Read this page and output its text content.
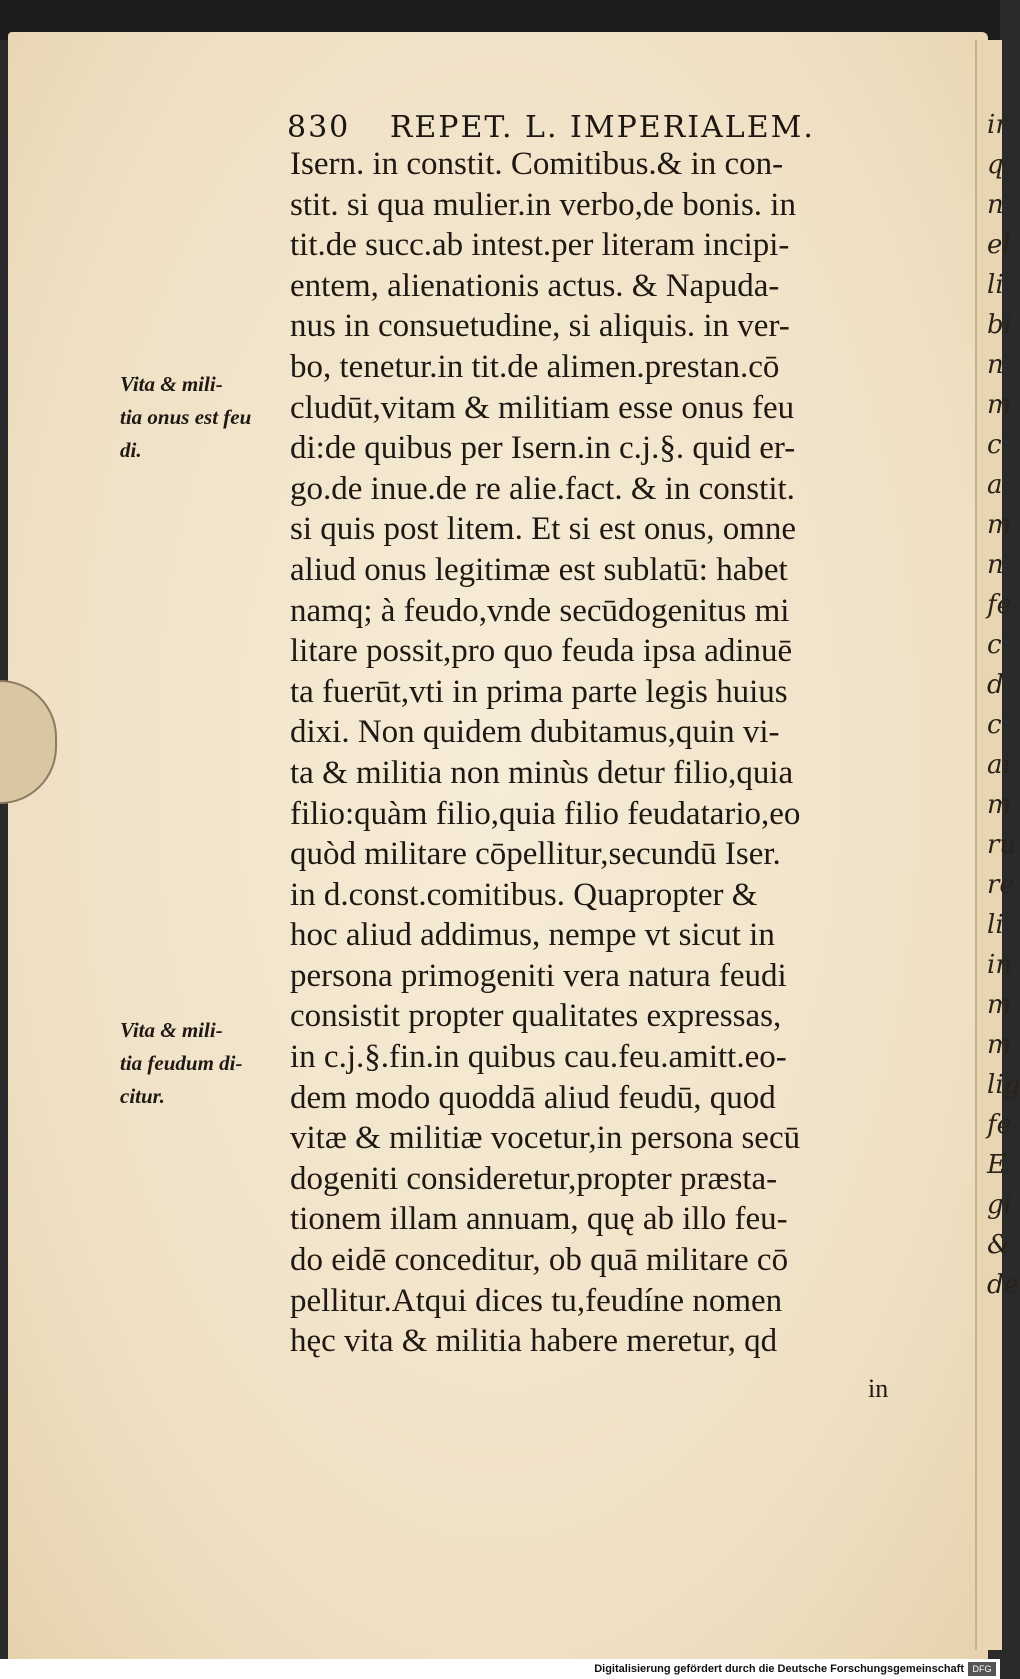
ir
q
n
el
li
bi
n
m
c
a
m
n
fe
c
d
c
ai
m
ru
re
li
in
m
m
lig
fe
E
gi
&
de
830 REPET. L. IMPERIALEM.
Isern. in constit. Comitibus.& in con-
stit. si qua mulier.in verbo,de bonis. in
tit.de succ.ab intest.per literam incipi-
entem, alienationis actus. & Napuda-
nus in consuetudine, si aliquis. in ver-
bo, tenetur.in tit.de alimen.prestan.cō
cludūt,vitam & militiam esse onus feu
di:de quibus per Isern.in c.j.§. quid er-
go.de inue.de re alie.fact. & in constit.
si quis post litem. Et si est onus, omne
aliud onus legitimæ est sublatū: habet
namq; à feudo,vnde secūdogenitus mi
litare possit,pro quo feuda ipsa adinuē
ta fuerūt,vti in prima parte legis huius
dixi. Non quidem dubitamus,quin vi-
ta & militia non minùs detur filio,quia
filio:quàm filio,quia filio feudatario,eo
quòd militare cōpellitur,secundū Iser.
in d.const.comitibus. Quapropter &
hoc aliud addimus, nempe vt sicut in
persona primogeniti vera natura feudi
consistit propter qualitates expressas,
in c.j.§.fin.in quibus cau.feu.amitt.eo-
dem modo quoddā aliud feudū, quod
vitæ & militiæ vocetur,in persona secū
dogeniti consideretur,propter præsta-
tionem illam annuam, quę ab illo feu-
do eidē conceditur, ob quā militare cō
pellitur.Atqui dices tu,feudíne nomen
hęc vita & militia habere meretur, qd
Vita & mili-
tia onus est feu
di.
Vita & mili-
tia feudum di-
citur.
in
Digitalisierung gefördert durch die Deutsche Forschungsgemeinschaft DFG
